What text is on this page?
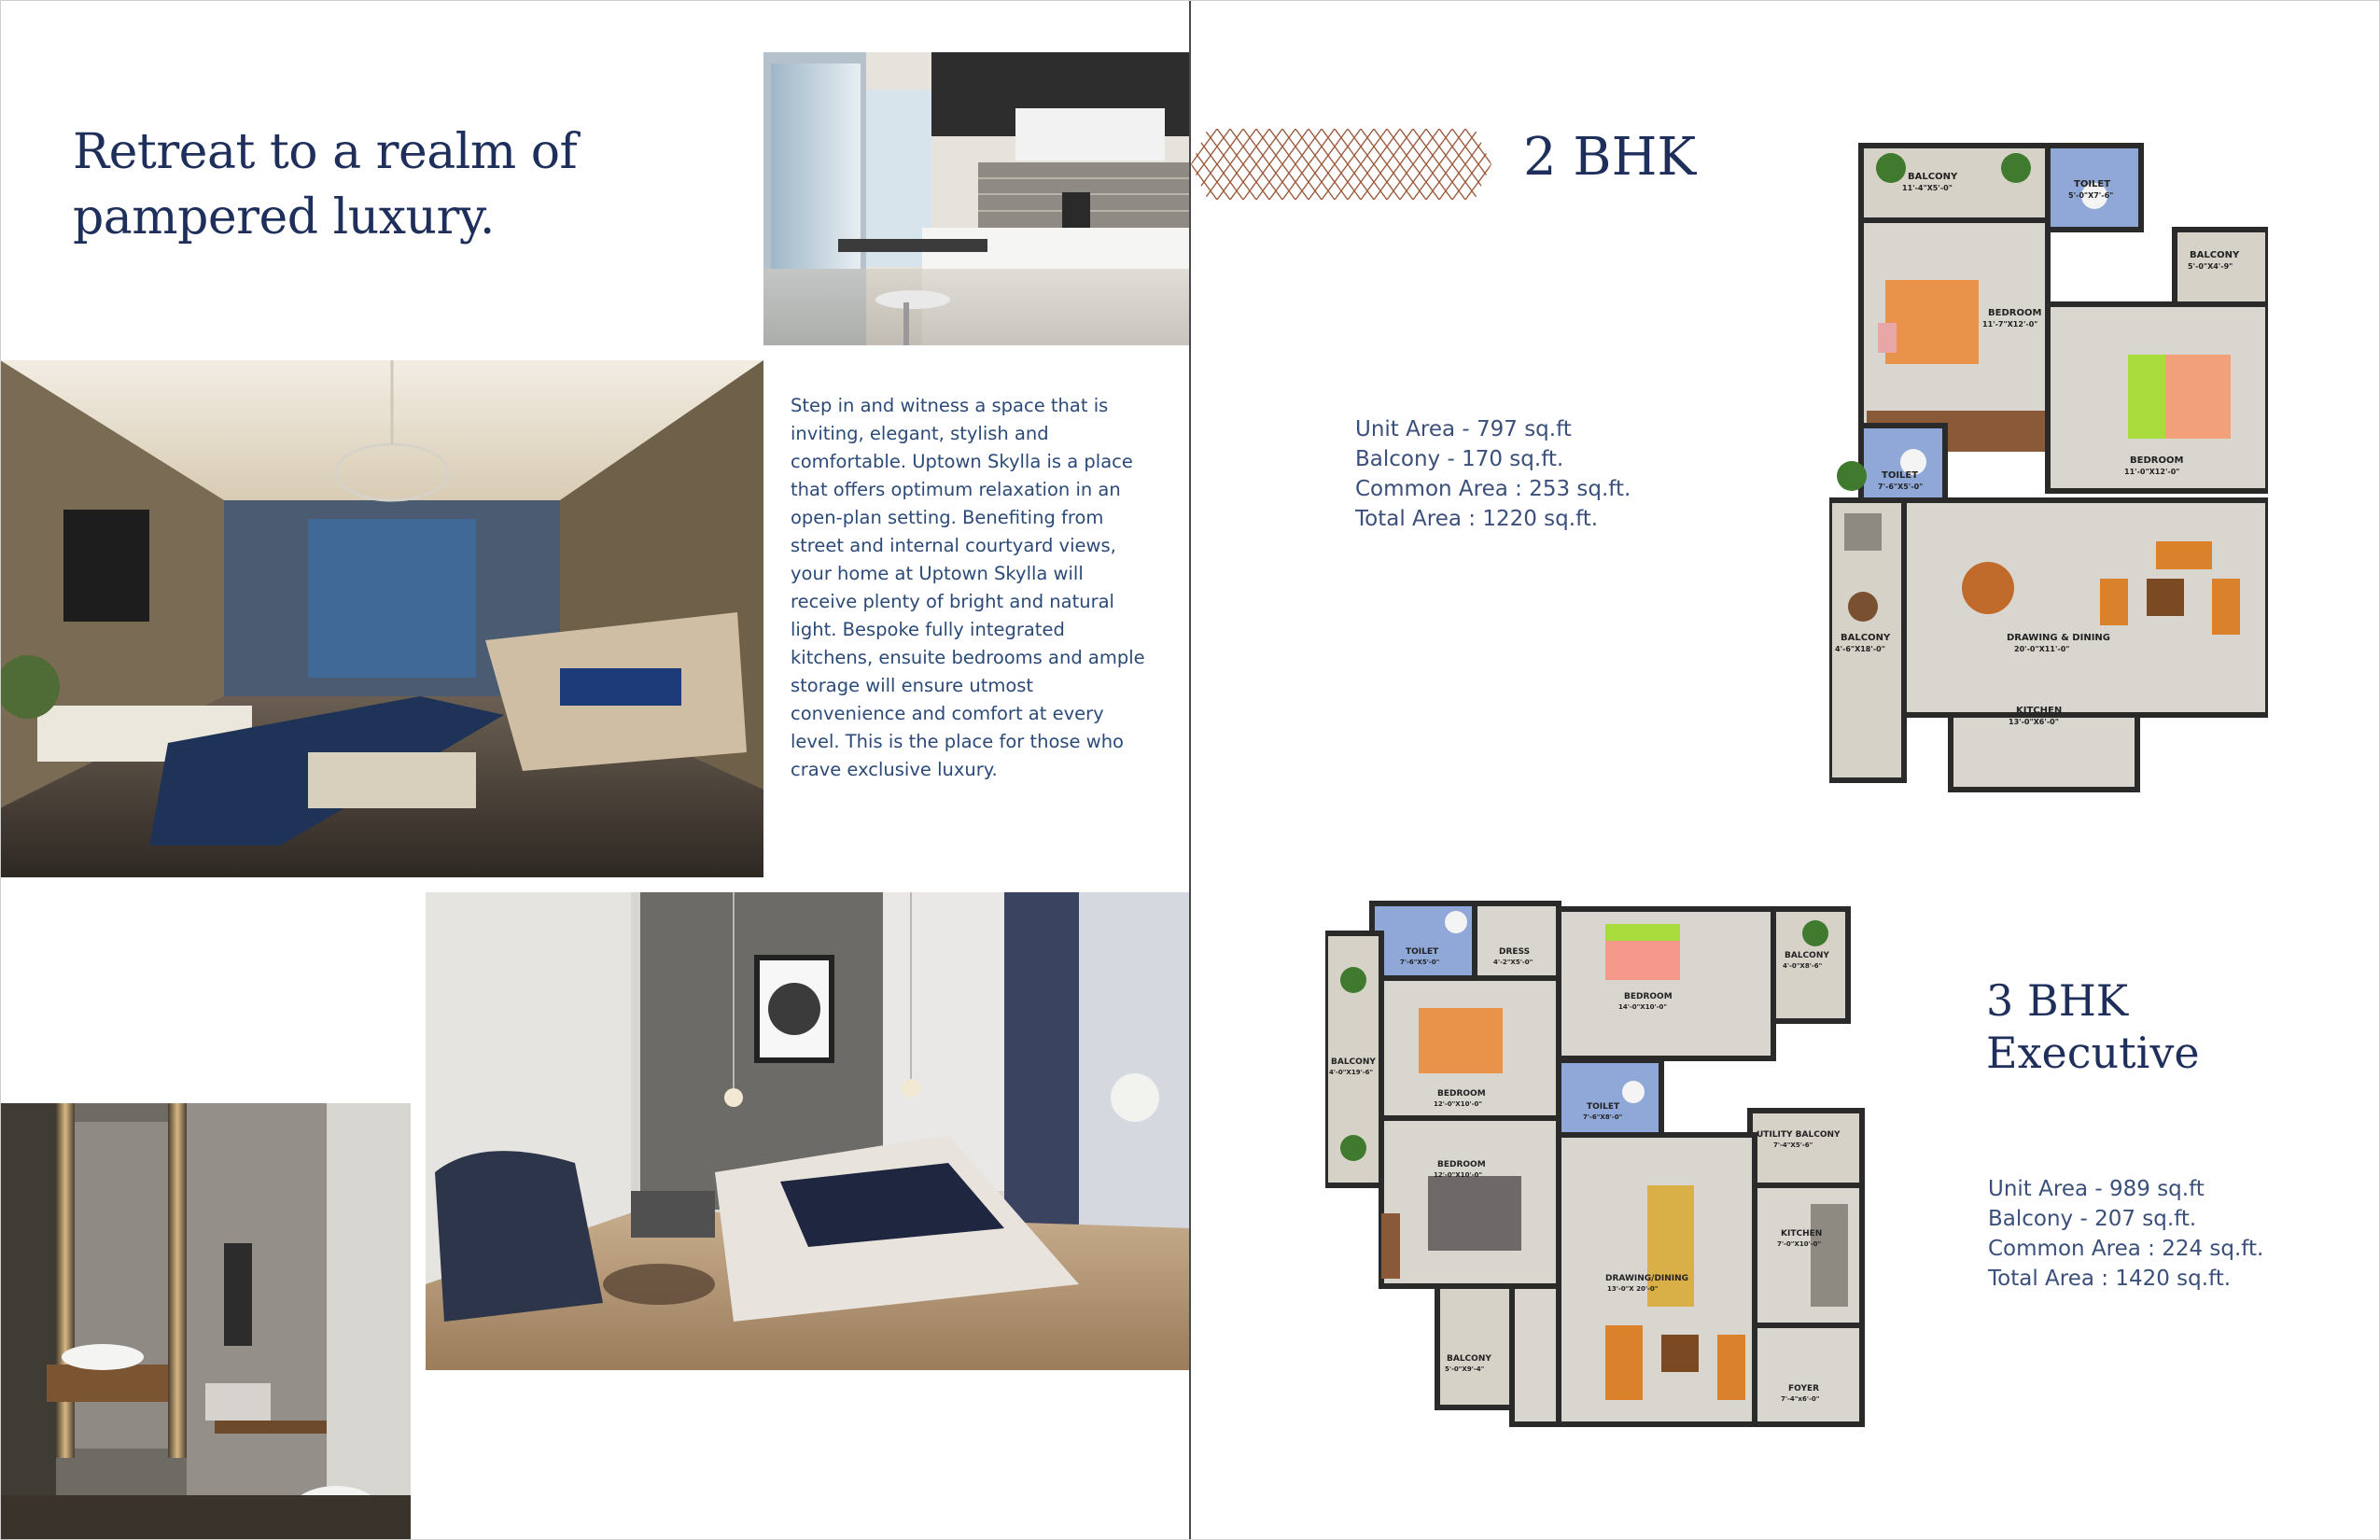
Retreat to a realm of
pampered luxury.

Step in and witness a space that is inviting, elegant, stylish and comfortable. Uptown Skylla is a place that offers optimum relaxation in an open-plan setting. Benefiting from street and internal courtyard views, your home at Uptown Skylla will receive plenty of bright and natural light. Bespoke fully integrated kitchens, ensuite bedrooms and ample storage will ensure utmost convenience and comfort at every level. This is the place for those who crave exclusive luxury.

2 BHK
Unit Area - 797 sq.ft
Balcony - 170 sq.ft.
Common Area : 253 sq.ft.
Total Area : 1220 sq.ft.
BALCONY
11'-4"X5'-0"	TOILET
5'-0"X7'-6"
BALCONY
5'-0"X4'-9"
BEDROOM
11'-7"X12'-0"
BEDROOM
11'-0"X12'-0"
TOILET
7'-6"X5'-0"
BALCONY
4'-6"X18'-0"
DRAWING & DINING
20'-0"X11'-0"
KITCHEN
13'-0"X6'-0"
3 BHK
Executive
Unit Area - 989 sq.ft
Balcony - 207 sq.ft.
Common Area : 224 sq.ft.
Total Area : 1420 sq.ft.
TOILET
7'-6"X5'-0"
DRESS
4'-2"X5'-0"
BEDROOM
14'-0"X10'-0"
BALCONY
4'-0"X8'-6"
BALCONY
4'-0"X19'-6"
BEDROOM
12'-0"X10'-0"	TOILET
7'-6"X8'-0"
UTILITY BALCONY
7'-4"X5'-6"
BEDROOM
12'-0"X10'-0"
KITCHEN
7'-0"X10'-0"
DRAWING/DINING
13'-0"X 20'-0"
BALCONY
5'-0"X9'-4"
FOYER
7'-4"x6'-0"
